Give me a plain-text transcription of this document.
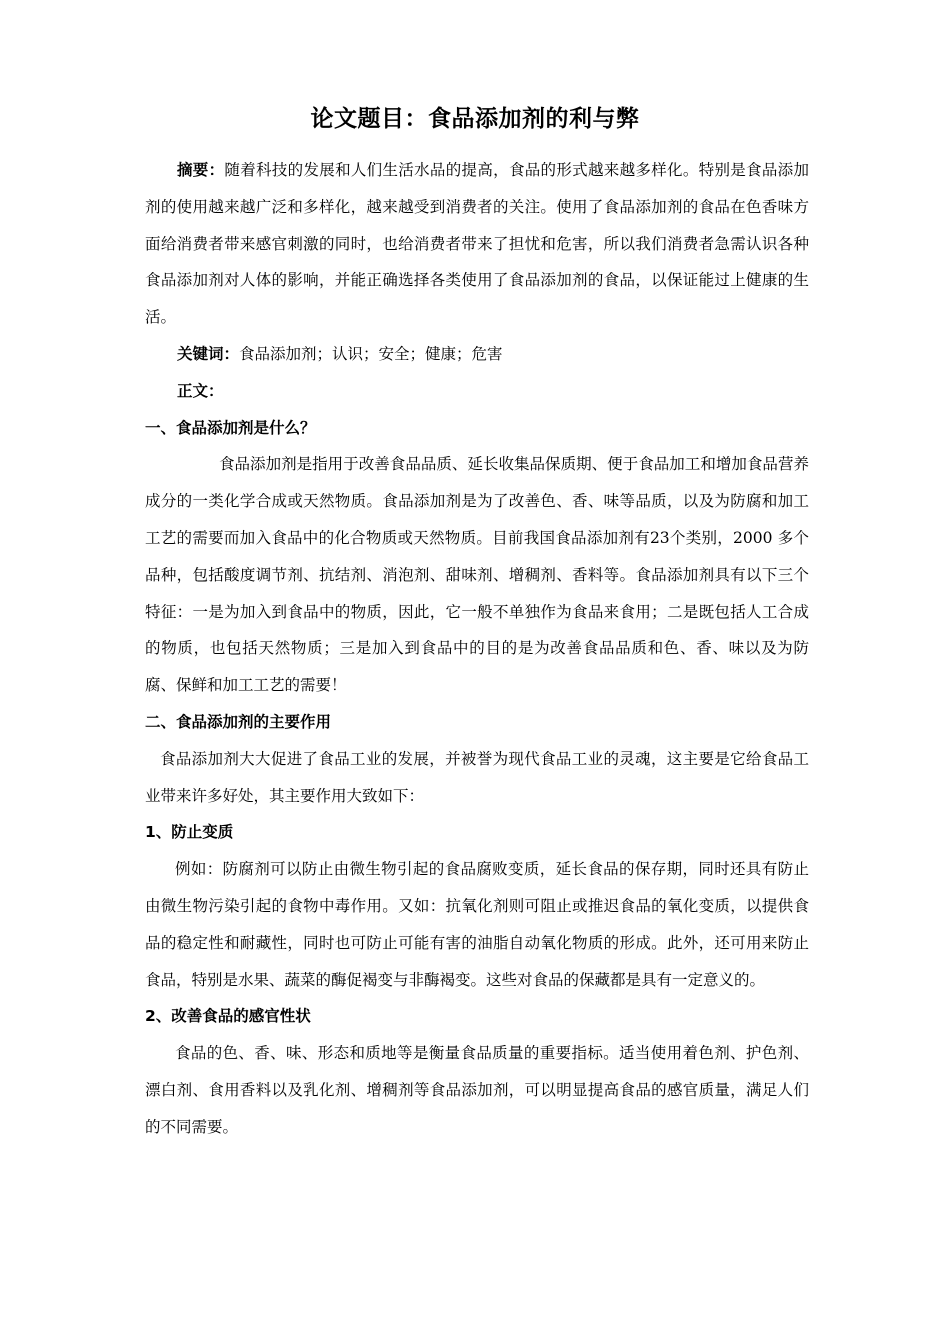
论文题目：食品添加剂的利与弊

摘要：随着科技的发展和人们生活水品的提高，食品的形式越来越多样化。特别是食品添加剂的使用越来越广泛和多样化，越来越受到消费者的关注。使用了食品添加剂的食品在色香味方面给消费者带来感官刺激的同时，也给消费者带来了担忧和危害，所以我们消费者急需认识各种食品添加剂对人体的影响，并能正确选择各类使用了食品添加剂的食品，以保证能过上健康的生活。

关键词：食品添加剂；认识；安全；健康；危害

正文：

一、食品添加剂是什么？

食品添加剂是指用于改善食品品质、延长收集品保质期、便于食品加工和增加食品营养成分的一类化学合成或天然物质。食品添加剂是为了改善色、香、味等品质，以及为防腐和加工工艺的需要而加入食品中的化合物质或天然物质。目前我国食品添加剂有23个类别，2000 多个品种，包括酸度调节剂、抗结剂、消泡剂、甜味剂、增稠剂、香料等。食品添加剂具有以下三个特征：一是为加入到食品中的物质，因此，它一般不单独作为食品来食用；二是既包括人工合成的物质，也包括天然物质；三是加入到食品中的目的是为改善食品品质和色、香、味以及为防腐、保鲜和加工工艺的需要！

二、食品添加剂的主要作用

食品添加剂大大促进了食品工业的发展，并被誉为现代食品工业的灵魂，这主要是它给食品工业带来许多好处，其主要作用大致如下：

1、防止变质

例如：防腐剂可以防止由微生物引起的食品腐败变质，延长食品的保存期，同时还具有防止由微生物污染引起的食物中毒作用。又如：抗氧化剂则可阻止或推迟食品的氧化变质，以提供食品的稳定性和耐藏性，同时也可防止可能有害的油脂自动氧化物质的形成。此外，还可用来防止食品，特别是水果、蔬菜的酶促褐变与非酶褐变。这些对食品的保藏都是具有一定意义的。

2、改善食品的感官性状

食品的色、香、味、形态和质地等是衡量食品质量的重要指标。适当使用着色剂、护色剂、漂白剂、食用香料以及乳化剂、增稠剂等食品添加剂，可以明显提高食品的感官质量，满足人们的不同需要。
